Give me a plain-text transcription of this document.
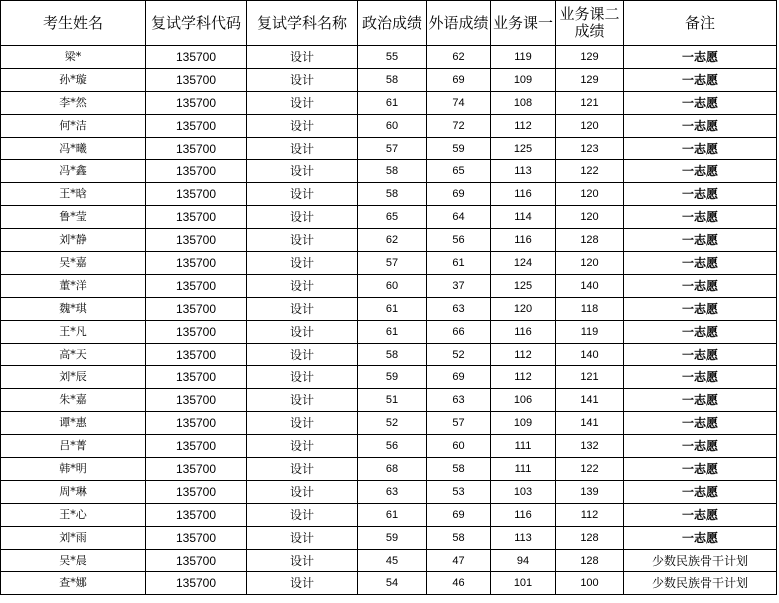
考生姓名	复试学科代码	复试学科名称	政治成绩	外语成绩	业务课一	业务课二成绩	备注
梁*	135700	设计	55	62	119	129	一志愿
孙*璇	135700	设计	58	69	109	129	一志愿
李*然	135700	设计	61	74	108	121	一志愿
何*洁	135700	设计	60	72	112	120	一志愿
冯*曦	135700	设计	57	59	125	123	一志愿
冯*鑫	135700	设计	58	65	113	122	一志愿
王*晗	135700	设计	58	69	116	120	一志愿
鲁*莹	135700	设计	65	64	114	120	一志愿
刘*静	135700	设计	62	56	116	128	一志愿
吴*嘉	135700	设计	57	61	124	120	一志愿
董*洋	135700	设计	60	37	125	140	一志愿
魏*琪	135700	设计	61	63	120	118	一志愿
王*凡	135700	设计	61	66	116	119	一志愿
高*天	135700	设计	58	52	112	140	一志愿
刘*辰	135700	设计	59	69	112	121	一志愿
朱*嘉	135700	设计	51	63	106	141	一志愿
谭*惠	135700	设计	52	57	109	141	一志愿
吕*菁	135700	设计	56	60	111	132	一志愿
韩*明	135700	设计	68	58	111	122	一志愿
周*琳	135700	设计	63	53	103	139	一志愿
王*心	135700	设计	61	69	116	112	一志愿
刘*雨	135700	设计	59	58	113	128	一志愿
吴*晨	135700	设计	45	47	94	128	少数民族骨干计划
查*娜	135700	设计	54	46	101	100	少数民族骨干计划
